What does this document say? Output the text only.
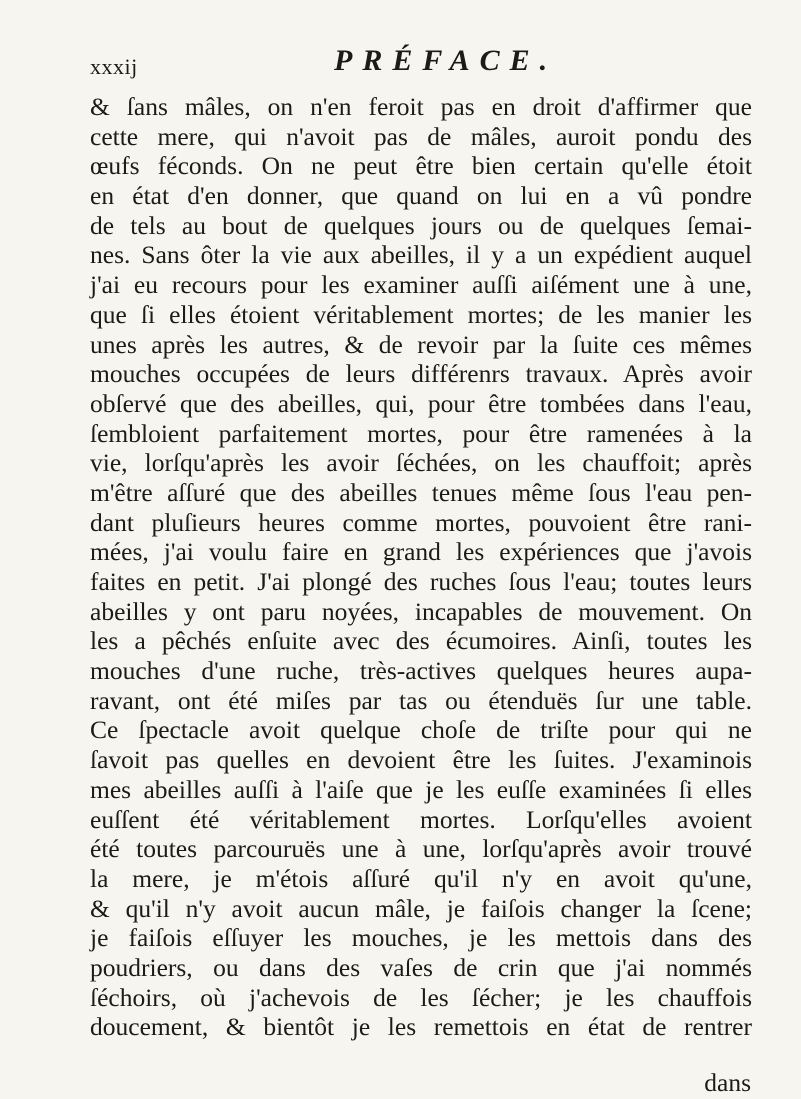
xxxij	PRÉFACE.
& ſans mâles, on n'en feroit pas en droit d'affirmer que
cette mere, qui n'avoit pas de mâles, auroit pondu des
œufs féconds. On ne peut être bien certain qu'elle étoit
en état d'en donner, que quand on lui en a vû pondre
de tels au bout de quelques jours ou de quelques ſemai-
nes. Sans ôter la vie aux abeilles, il y a un expédient auquel
j'ai eu recours pour les examiner auſſi aiſément une à une,
que ſi elles étoient véritablement mortes; de les manier les
unes après les autres, & de revoir par la ſuite ces mêmes
mouches occupées de leurs différenrs travaux. Après avoir
obſervé que des abeilles, qui, pour être tombées dans l'eau,
ſembloient parfaitement mortes, pour être ramenées à la
vie, lorſqu'après les avoir ſéchées, on les chauffoit; après
m'être aſſuré que des abeilles tenues même ſous l'eau pen-
dant pluſieurs heures comme mortes, pouvoient être rani-
mées, j'ai voulu faire en grand les expériences que j'avois
faites en petit. J'ai plongé des ruches ſous l'eau; toutes leurs
abeilles y ont paru noyées, incapables de mouvement. On
les a pêchés enſuite avec des écumoires. Ainſi, toutes les
mouches d'une ruche, très-actives quelques heures aupa-
ravant, ont été miſes par tas ou étenduës ſur une table.
Ce ſpectacle avoit quelque choſe de triſte pour qui ne
ſavoit pas quelles en devoient être les ſuites. J'examinois
mes abeilles auſſi à l'aiſe que je les euſſe examinées ſi elles
euſſent été véritablement mortes. Lorſqu'elles avoient
été toutes parcouruës une à une, lorſqu'après avoir trouvé
la mere, je m'étois aſſuré qu'il n'y en avoit qu'une,
& qu'il n'y avoit aucun mâle, je faiſois changer la ſcene;
je faiſois eſſuyer les mouches, je les mettois dans des
poudriers, ou dans des vaſes de crin que j'ai nommés
ſéchoirs, où j'achevois de les ſécher; je les chauffois
doucement, & bientôt je les remettois en état de rentrer
dans
